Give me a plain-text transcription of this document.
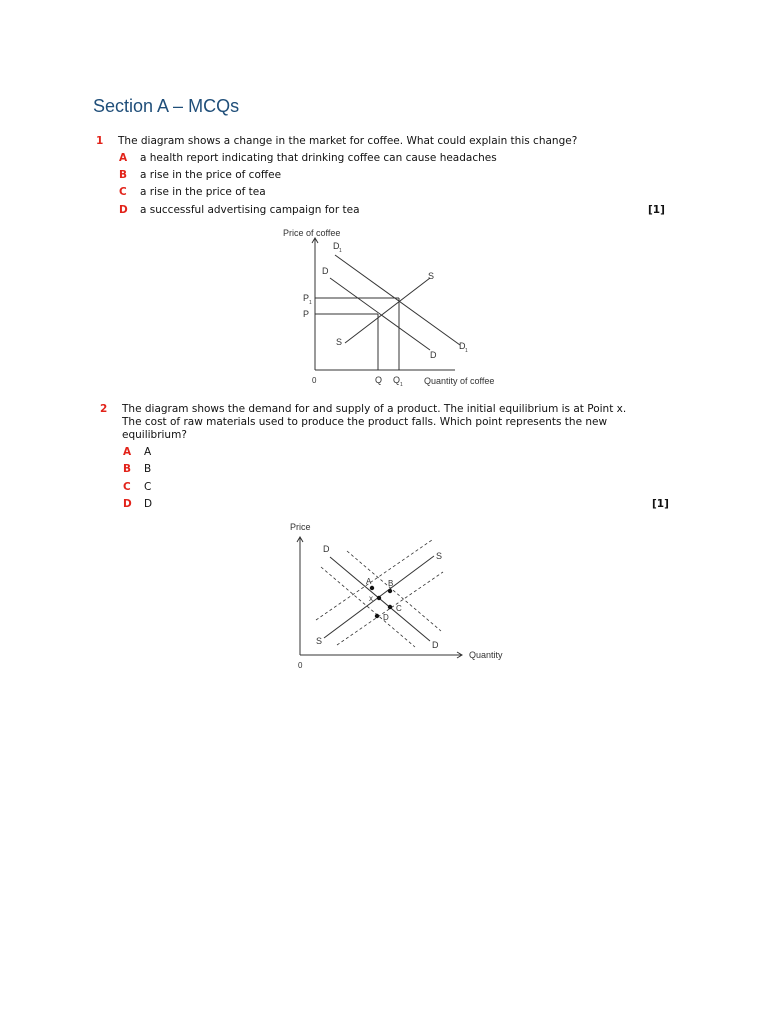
Section A – MCQs
1 The diagram shows a change in the market for coffee. What could explain this change?
A a health report indicating that drinking coffee can cause headaches
B a rise in the price of coffee
C a rise in the price of tea
D a successful advertising campaign for tea	[1]
Price of coffee
Quantity of coffee
0
D 1
D	S
P 1
P
S
D
D 1
Q Q 1
2 The diagram shows the demand for and supply of a product. The initial equilibrium is at Point x.
The cost of raw materials used to produce the product falls. Which point represents the new
equilibrium?
A A
B B
C C
D D	[1]
Price
Quantity
0
D
S
A B
x
C
D
S	D
